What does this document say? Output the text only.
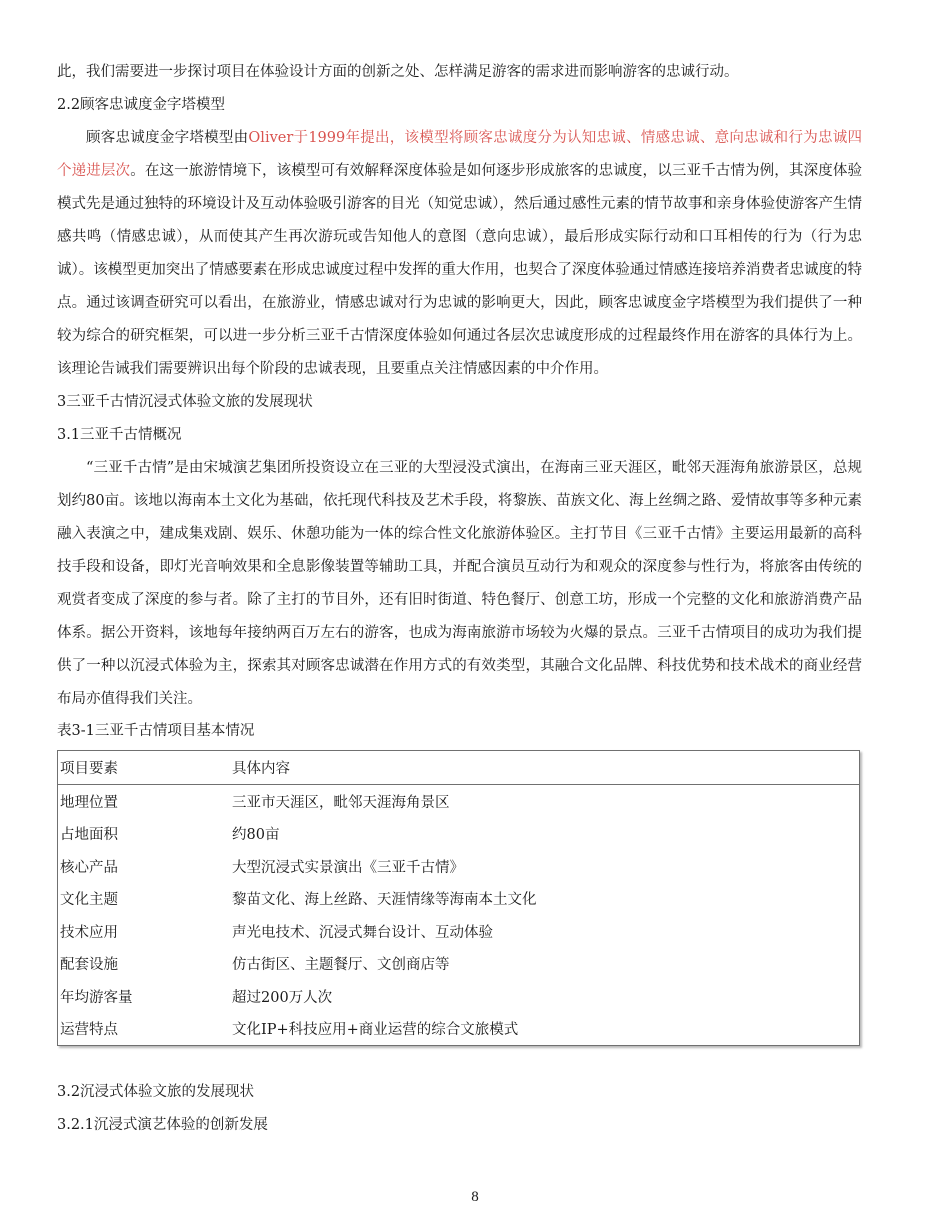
此，我们需要进一步探讨项目在体验设计方面的创新之处、怎样满足游客的需求进而影响游客的忠诚行动。
2.2顾客忠诚度金字塔模型

顾客忠诚度金字塔模型由Oliver于1999年提出，该模型将顾客忠诚度分为认知忠诚、情感忠诚、意向忠诚和行为忠诚四个递进层次。在这一旅游情境下，该模型可有效解释深度体验是如何逐步形成旅客的忠诚度，以三亚千古情为例，其深度体验模式先是通过独特的环境设计及互动体验吸引游客的目光（知觉忠诚），然后通过感性元素的情节故事和亲身体验使游客产生情感共鸣（情感忠诚），从而使其产生再次游玩或告知他人的意图（意向忠诚），最后形成实际行动和口耳相传的行为（行为忠诚）。该模型更加突出了情感要素在形成忠诚度过程中发挥的重大作用，也契合了深度体验通过情感连接培养消费者忠诚度的特点。通过该调查研究可以看出，在旅游业，情感忠诚对行为忠诚的影响更大，因此，顾客忠诚度金字塔模型为我们提供了一种较为综合的研究框架，可以进一步分析三亚千古情深度体验如何通过各层次忠诚度形成的过程最终作用在游客的具体行为上。该理论告诫我们需要辨识出每个阶段的忠诚表现，且要重点关注情感因素的中介作用。

3三亚千古情沉浸式体验文旅的发展现状
3.1三亚千古情概况

“三亚千古情”是由宋城演艺集团所投资设立在三亚的大型浸没式演出，在海南三亚天涯区，毗邻天涯海角旅游景区，总规划约80亩。该地以海南本土文化为基础，依托现代科技及艺术手段，将黎族、苗族文化、海上丝绸之路、爱情故事等多种元素融入表演之中，建成集戏剧、娱乐、休憩功能为一体的综合性文化旅游体验区。主打节目《三亚千古情》主要运用最新的高科技手段和设备，即灯光音响效果和全息影像装置等辅助工具，并配合演员互动行为和观众的深度参与性行为，将旅客由传统的观赏者变成了深度的参与者。除了主打的节目外，还有旧时街道、特色餐厅、创意工坊，形成一个完整的文化和旅游消费产品体系。据公开资料，该地每年接纳两百万左右的游客，也成为海南旅游市场较为火爆的景点。三亚千古情项目的成功为我们提供了一种以沉浸式体验为主，探索其对顾客忠诚潜在作用方式的有效类型，其融合文化品牌、科技优势和技术战术的商业经营布局亦值得我们关注。

表3-1三亚千古情项目基本情况
项目要素	具体内容
地理位置	三亚市天涯区，毗邻天涯海角景区
占地面积	约80亩
核心产品	大型沉浸式实景演出《三亚千古情》
文化主题	黎苗文化、海上丝路、天涯情缘等海南本土文化
技术应用	声光电技术、沉浸式舞台设计、互动体验
配套设施	仿古街区、主题餐厅、文创商店等
年均游客量	超过200万人次
运营特点	文化IP+科技应用+商业运营的综合文旅模式
3.2沉浸式体验文旅的发展现状
3.2.1沉浸式演艺体验的创新发展
8
